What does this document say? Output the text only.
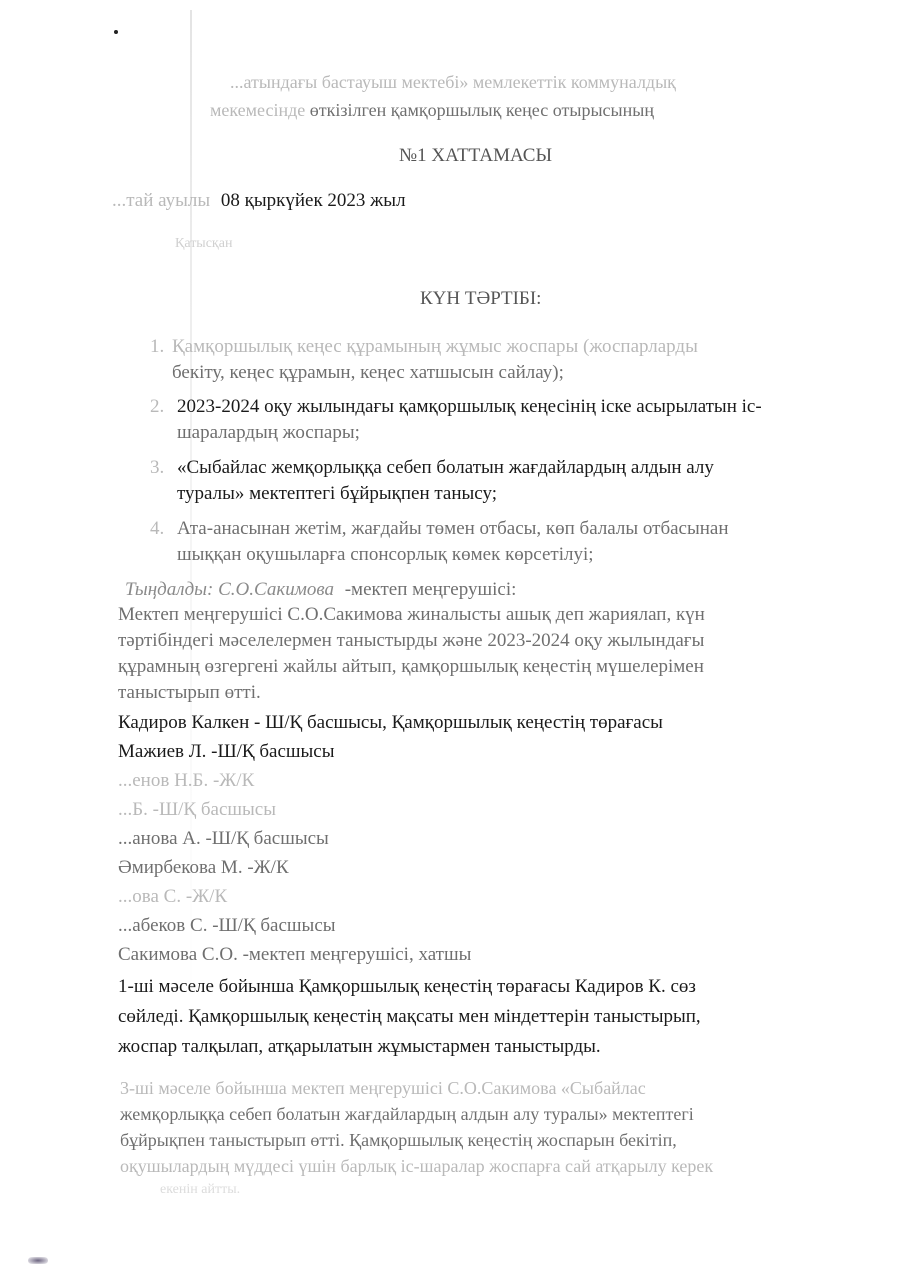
...атындағы бастауыш мектебі» мемлекеттік коммуналдық
мекемесінде өткізілген қамқоршылық кеңес отырысының
№1 ХАТТАМАСЫ
...тай ауылы 08 қыркүйек 2023 жыл
Қатысқан
КҮН ТӘРТІБІ:
1. Қамқоршылық кеңес құрамының жұмыс жоспары (жоспарларды
бекіту, кеңес құрамын, кеңес хатшысын сайлау);
2. 2023-2024 оқу жылындағы қамқоршылық кеңесінің іске асырылатын іс-
шаралардың жоспары;
3. «Сыбайлас жемқорлыққа себеп болатын жағдайлардың алдын алу
туралы» мектептегі бұйрықпен танысу;
4. Ата-анасынан жетім, жағдайы төмен отбасы, көп балалы отбасынан
шыққан оқушыларға спонсорлық көмек көрсетілуі;
Тыңдалды: С.О.Сакимова -мектеп меңгерушісі:
Мектеп меңгерушісі С.О.Сакимова жиналысты ашық деп жариялап, күн
тәртібіндегі мәселелермен таныстырды және 2023-2024 оқу жылындағы
құрамның өзгергені жайлы айтып, қамқоршылық кеңестің мүшелерімен
таныстырып өтті.
Кадиров Калкен - Ш/Қ басшысы, Қамқоршылық кеңестің төрағасы
Мажиев Л. -Ш/Қ басшысы
...енов Н.Б. -Ж/К
...Б. -Ш/Қ басшысы
...анова А. -Ш/Қ басшысы
Әмирбекова М. -Ж/К
...ова С. -Ж/К
...абеков С. -Ш/Қ басшысы
Сакимова С.О. -мектеп меңгерушісі, хатшы
1-ші мәселе бойынша Қамқоршылық кеңестің төрағасы Кадиров К. сөз
сөйледі. Қамқоршылық кеңестің мақсаты мен міндеттерін таныстырып,
жоспар талқылап, атқарылатын жұмыстармен таныстырды.
3-ші мәселе бойынша мектеп меңгерушісі С.О.Сакимова «Сыбайлас
жемқорлыққа себеп болатын жағдайлардың алдын алу туралы» мектептегі
бұйрықпен таныстырып өтті. Қамқоршылық кеңестің жоспарын бекітіп,
оқушылардың мүддесі үшін барлық іс-шаралар жоспарға сай атқарылу керек
екенін айтты.
